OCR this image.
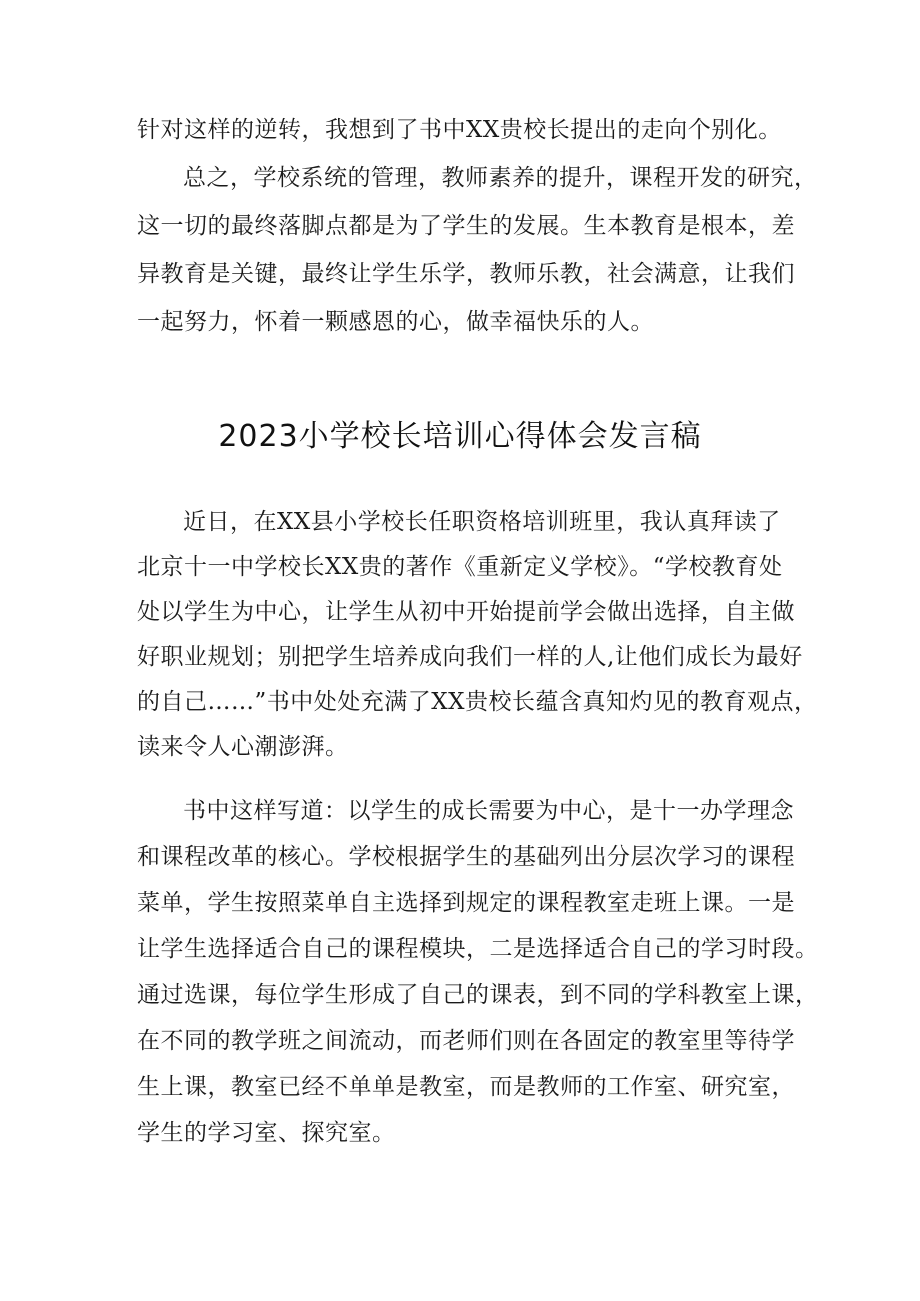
针对这样的逆转，我想到了书中XX贵校长提出的走向个别化。
总之，学校系统的管理，教师素养的提升，课程开发的研究，
这一切的最终落脚点都是为了学生的发展。生本教育是根本，差
异教育是关键，最终让学生乐学，教师乐教，社会满意，让我们
一起努力，怀着一颗感恩的心，做幸福快乐的人。
2023小学校长培训心得体会发言稿
近日，在XX县小学校长任职资格培训班里，我认真拜读了
北京十一中学校长XX贵的著作《重新定义学校》。“学校教育处
处以学生为中心，让学生从初中开始提前学会做出选择，自主做
好职业规划；别把学生培养成向我们一样的人,让他们成长为最好
的自己……”书中处处充满了XX贵校长蕴含真知灼见的教育观点，
读来令人心潮澎湃。
书中这样写道：以学生的成长需要为中心，是十一办学理念
和课程改革的核心。学校根据学生的基础列出分层次学习的课程
菜单，学生按照菜单自主选择到规定的课程教室走班上课。一是
让学生选择适合自己的课程模块，二是选择适合自己的学习时段。
通过选课，每位学生形成了自己的课表，到不同的学科教室上课，
在不同的教学班之间流动，而老师们则在各固定的教室里等待学
生上课，教室已经不单单是教室，而是教师的工作室、研究室，
学生的学习室、探究室。
